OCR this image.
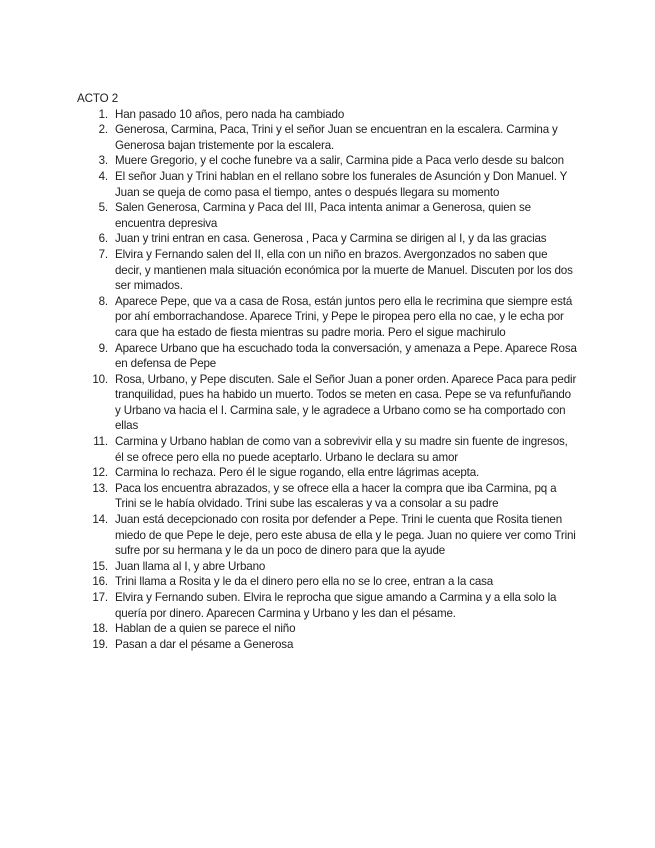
ACTO 2

1. Han pasado 10 años, pero nada ha cambiado
2. Generosa, Carmina, Paca, Trini y el señor Juan se encuentran en la escalera. Carmina y Generosa bajan tristemente por la escalera.
3. Muere Gregorio, y el coche funebre va a salir, Carmina pide a Paca verlo desde su balcon
4. El señor Juan y Trini hablan en el rellano sobre los funerales de Asunción y Don Manuel. Y Juan se queja de como pasa el tiempo, antes o después llegara su momento
5. Salen Generosa, Carmina y Paca del III, Paca intenta animar a Generosa, quien se encuentra depresiva
6. Juan y trini entran en casa. Generosa , Paca y Carmina se dirigen al I, y da las gracias
7. Elvira y Fernando salen del II, ella con un niño en brazos. Avergonzados no saben que decir, y mantienen mala situación económica por la muerte de Manuel. Discuten por los dos ser mimados.
8. Aparece Pepe, que va a casa de Rosa, están juntos pero ella le recrimina que siempre está por ahí emborrachandose. Aparece Trini, y Pepe le piropea pero ella no cae, y le echa por cara que ha estado de fiesta mientras su padre moria. Pero el sigue machirulo
9. Aparece Urbano que ha escuchado toda la conversación, y amenaza a Pepe. Aparece Rosa en defensa de Pepe
10. Rosa, Urbano, y Pepe discuten. Sale el Señor Juan a poner orden. Aparece Paca para pedir tranquilidad, pues ha habido un muerto. Todos se meten en casa. Pepe se va refunfuñando y Urbano va hacia el I. Carmina sale, y le agradece a Urbano como se ha comportado con ellas
11. Carmina y Urbano hablan de como van a sobrevivir ella y su madre sin fuente de ingresos, él se ofrece pero ella no puede aceptarlo. Urbano le declara su amor
12. Carmina lo rechaza. Pero él le sigue rogando, ella entre lágrimas acepta.
13. Paca los encuentra abrazados, y se ofrece ella a hacer la compra que iba Carmina, pq a Trini se le había olvidado. Trini sube las escaleras y va a consolar a su padre
14. Juan está decepcionado con rosita por defender a Pepe. Trini le cuenta que Rosita tienen miedo de que Pepe le deje, pero este abusa de ella y le pega. Juan no quiere ver como Trini sufre por su hermana y le da un poco de dinero para que la ayude
15. Juan llama al I, y abre Urbano
16. Trini llama a Rosita y le da el dinero pero ella no se lo cree, entran a la casa
17. Elvira y Fernando suben. Elvira le reprocha que sigue amando a Carmina y a ella solo la quería por dinero. Aparecen Carmina y Urbano y les dan el pésame.
18. Hablan de a quien se parece el niño
19. Pasan a dar el pésame a Generosa
